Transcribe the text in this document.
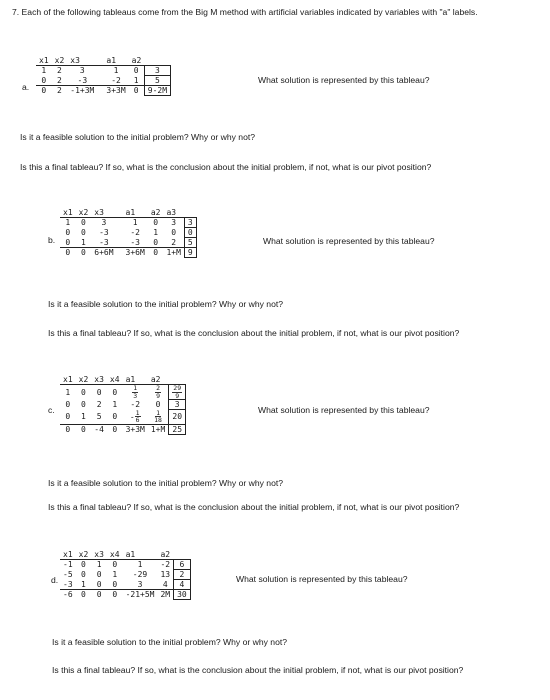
7. Each of the following tableaus come from the Big M method with artificial variables indicated by variables with "a" labels.
a.
x1	x2	x3		a1	a2	
1	2	3		1	0	3
0	2	-3		-2	1	5
0	2	-1+3M		3+3M	0	9-2M
What solution is represented by this tableau?
Is it a feasible solution to the initial problem? Why or why not?
Is this a final tableau? If so, what is the conclusion about the initial problem, if not, what is our pivot position?
b.
x1	x2	x3		a1	a2	a3	
1	0	3		1	0	3	3
0	0	-3		-2	1	0	0
0	1	-3		-3	0	2	5
0	0	6+6M		3+6M	0	1+M	9
What solution is represented by this tableau?
Is it a feasible solution to the initial problem? Why or why not?
Is this a final tableau? If so, what is the conclusion about the initial problem, if not, what is our pivot position?
c.
x1	x2	x3	x4	a1	a2	
1	0	0	0	$\frac{1}{3}$	$\frac{2}{9}$	$\frac{29}{9}$

0	0	2	1	-2	0	3
0	1	5	0	- $\frac{1}{6}$	$\frac{1}{18}$	20
0	0	-4	0	3+3M	1+M	25
What solution is represented by this tableau?
Is it a feasible solution to the initial problem? Why or why not?
Is this a final tableau? If so, what is the conclusion about the initial problem, if not, what is our pivot position?
d.
x1	x2	x3	x4	a1	a2	
-1	0	1	0	1	-2	6
-5	0	0	1	-29	13	2
-3	1	0	0	3	4	4
-6	0	0	0	-21+5M	2M	30
What solution is represented by this tableau?
Is it a feasible solution to the initial problem? Why or why not?
Is this a final tableau? If so, what is the conclusion about the initial problem, if not, what is our pivot position?
